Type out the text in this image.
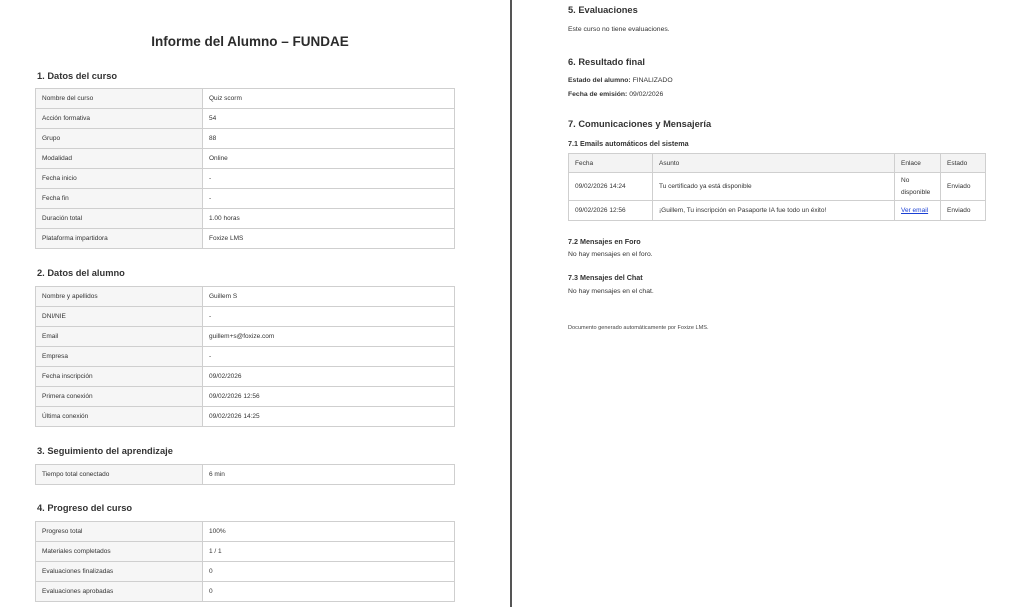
Informe del Alumno – FUNDAE
1. Datos del curso
Nombre del curso	Quiz scorm
Acción formativa	54
Grupo	88
Modalidad	Online
Fecha inicio	-
Fecha fin	-
Duración total	1.00 horas
Plataforma impartidora	Foxize LMS
2. Datos del alumno
Nombre y apellidos	Guillem S
DNI/NIE	-
Email	guillem+s@foxize.com
Empresa	-
Fecha inscripción	09/02/2026
Primera conexión	09/02/2026 12:56
Última conexión	09/02/2026 14:25
3. Seguimiento del aprendizaje
Tiempo total conectado	6 min
4. Progreso del curso
Progreso total	100%
Materiales completados	1 / 1
Evaluaciones finalizadas	0
Evaluaciones aprobadas	0
5. Evaluaciones
Este curso no tiene evaluaciones.
6. Resultado final
Estado del alumno: FINALIZADO
Fecha de emisión: 09/02/2026
7. Comunicaciones y Mensajería
7.1 Emails automáticos del sistema
Fecha	Asunto	Enlace	Estado
09/02/2026 14:24	Tu certificado ya está disponible	No disponible	Enviado
09/02/2026 12:56	¡Guillem, Tu inscripción en Pasaporte IA fue todo un éxito!	Ver email	Enviado
7.2 Mensajes en Foro
No hay mensajes en el foro.
7.3 Mensajes del Chat
No hay mensajes en el chat.
Documento generado automáticamente por Foxize LMS.
